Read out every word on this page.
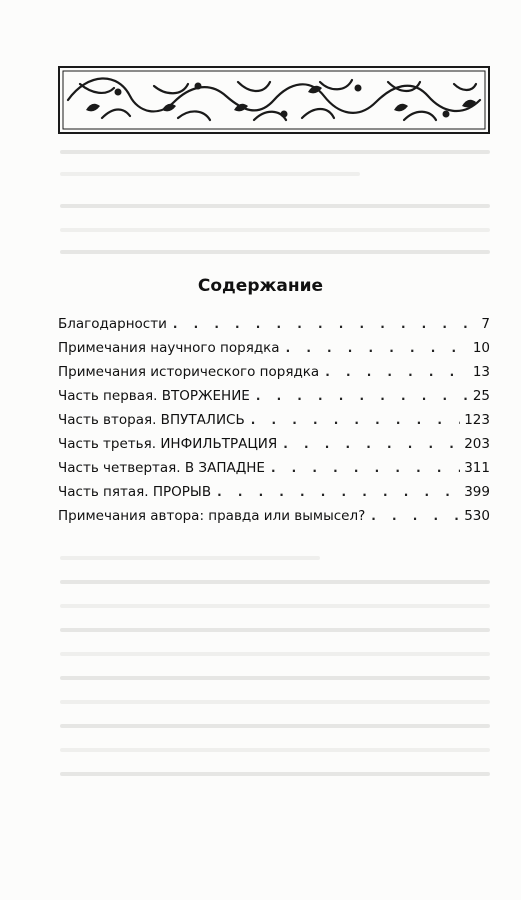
Содержание
Благодарности . . .	7
Примечания научного порядка . . .	10
Примечания исторического порядка . . .	13
Часть первая. ВТОРЖЕНИЕ . . .	25
Часть вторая. ВПУТАЛИСЬ . . .	123
Часть третья. ИНФИЛЬТРАЦИЯ . . .	203
Часть четвертая. В ЗАПАДНЕ . . .	311
Часть пятая. ПРОРЫВ . . .	399
Примечания автора: правда или вымысел? . . .	530
